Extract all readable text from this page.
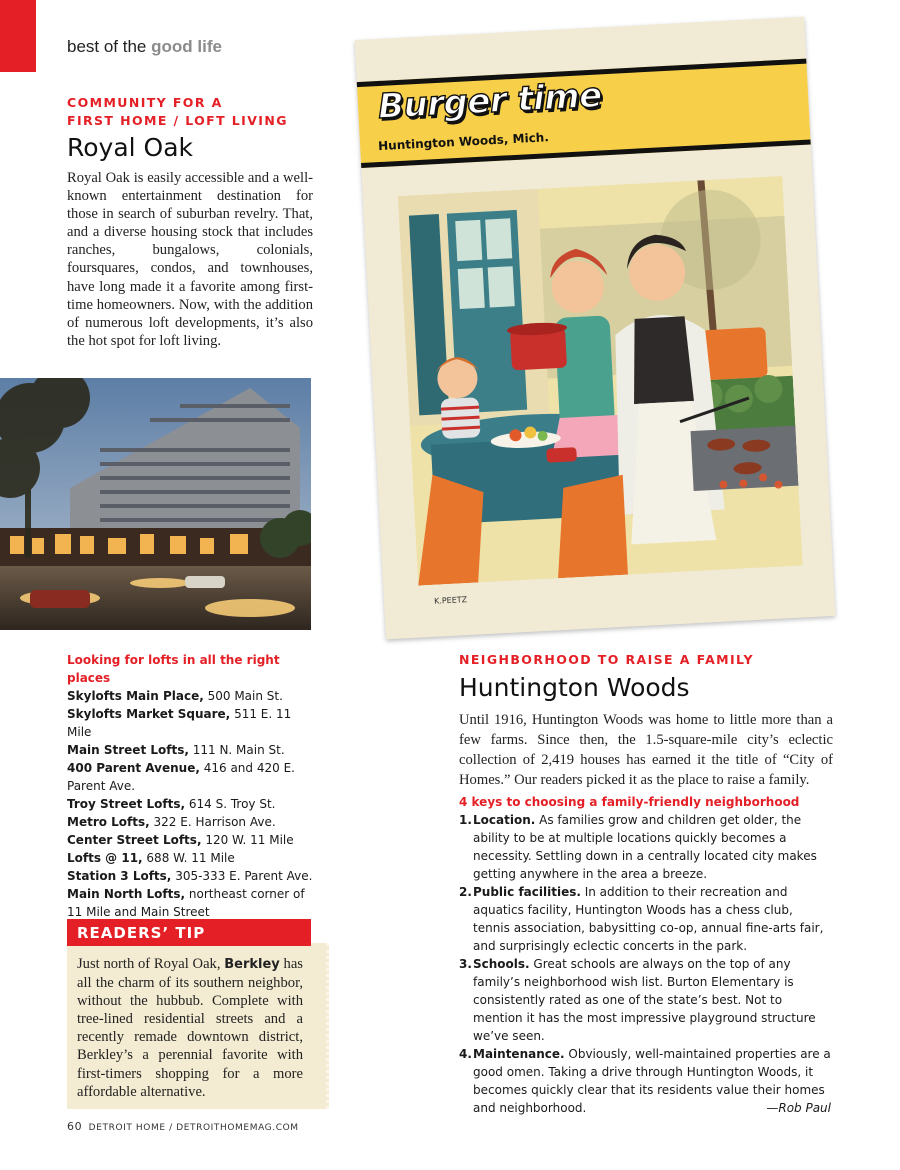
best of the good life
COMMUNITY FOR A
FIRST HOME / LOFT LIVING
Royal Oak

Royal Oak is easily accessible and a well-known entertainment destination for those in search of suburban revelry. That, and a diverse housing stock that includes ranches, bungalows, colonials, foursquares, condos, and townhouses, have long made it a favorite among first-time homeowners. Now, with the addition of numerous loft developments, it’s also the hot spot for loft living.

Looking for lofts in all the right places
Skylofts Main Place, 500 Main St.
Skylofts Market Square, 511 E. 11 Mile
Main Street Lofts, 111 N. Main St.
400 Parent Avenue, 416 and 420 E. Parent Ave.
Troy Street Lofts, 614 S. Troy St.
Metro Lofts, 322 E. Harrison Ave.
Center Street Lofts, 120 W. 11 Mile
Lofts @ 11, 688 W. 11 Mile
Station 3 Lofts, 305-333 E. Parent Ave.
Main North Lofts, northeast corner of 11 Mile and Main Street
READERS’ TIP

Just north of Royal Oak, Berkley has all the charm of its southern neighbor, without the hubbub. Complete with tree-lined residential streets and a recently remade downtown district, Berkley’s a perennial favorite with first-timers shopping for a more affordable alternative.

60 DETROIT HOME / DETROITHOMEMAG.COM
Burger time
Huntington Woods, Mich.
K.PEETZ
NEIGHBORHOOD TO RAISE A FAMILY
Huntington Woods

Until 1916, Huntington Woods was home to little more than a few farms. Since then, the 1.5-square-mile city’s eclectic collection of 2,419 houses has earned it the title of “City of Homes.” Our readers picked it as the place to raise a family.

4 keys to choosing a family-friendly neighborhood
1. Location. As families grow and children get older, the ability to be at multiple locations quickly becomes a necessity. Settling down in a centrally located city makes getting anywhere in the area a breeze.
2. Public facilities. In addition to their recreation and aquatics facility, Huntington Woods has a chess club, tennis association, babysitting co-op, annual fine-arts fair, and surprisingly eclectic concerts in the park.
3. Schools. Great schools are always on the top of any family’s neighborhood wish list. Burton Elementary is consistently rated as one of the state’s best. Not to mention it has the most impressive playground structure we’ve seen.
4. Maintenance. Obviously, well-maintained properties are a good omen. Taking a drive through Huntington Woods, it becomes quickly clear that its residents value their homes and neighborhood.	—Rob Paul
